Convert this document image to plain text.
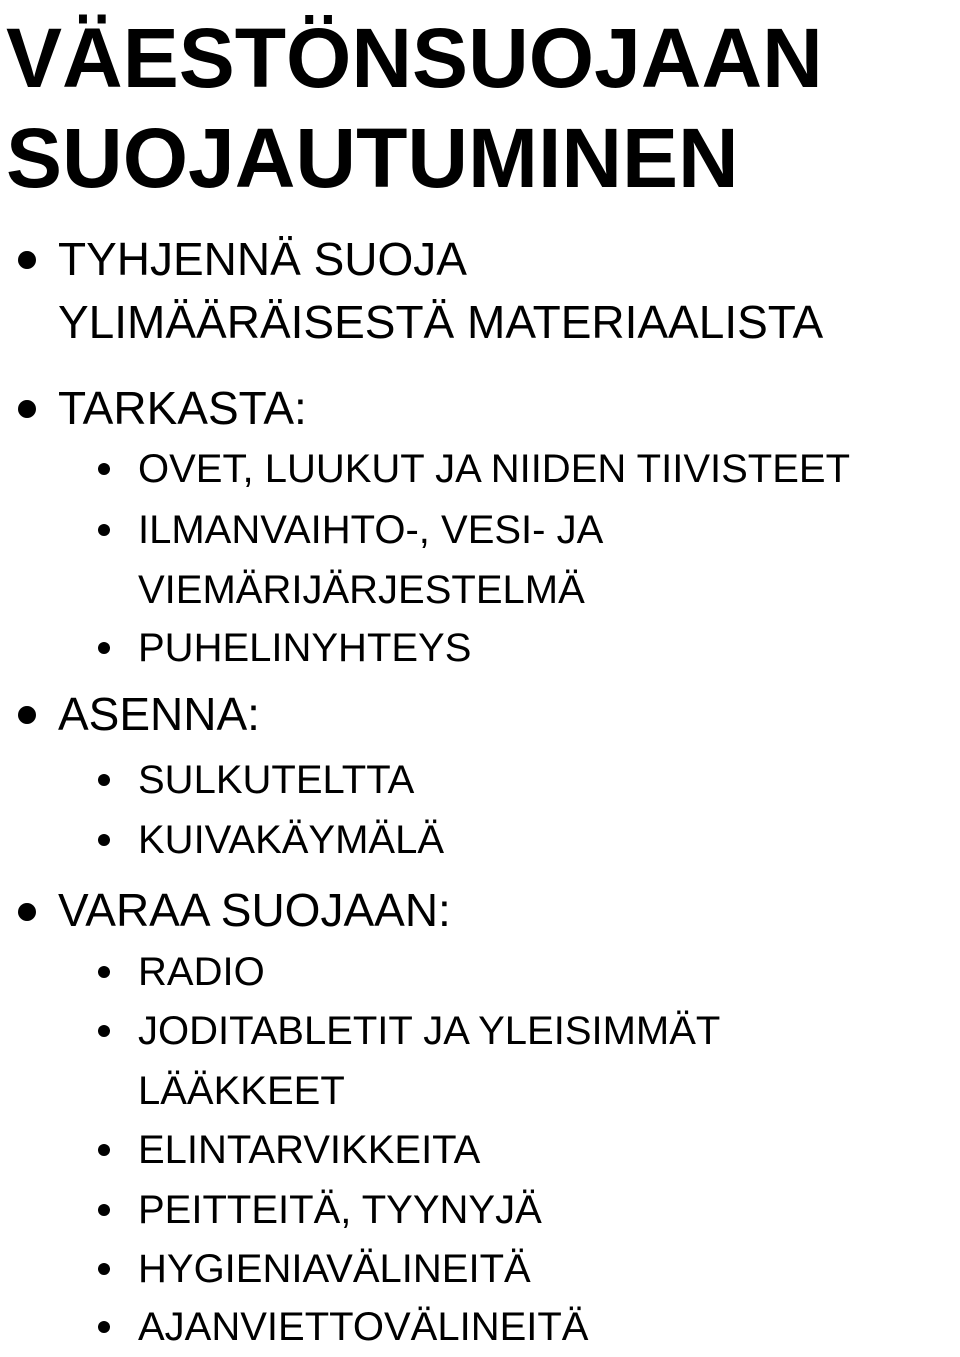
VÄESTÖNSUOJAAN
SUOJAUTUMINEN

TYHJENNÄ SUOJA

YLIMÄÄRÄISESTÄ MATERIAALISTA

TARKASTA:

OVET, LUUKUT JA NIIDEN TIIVISTEET

ILMANVAIHTO-, VESI- JA

VIEMÄRIJÄRJESTELMÄ

PUHELINYHTEYS

ASENNA:

SULKUTELTTA

KUIVAKÄYMÄLÄ

VARAA SUOJAAN:

RADIO

JODITABLETIT JA YLEISIMMÄT

LÄÄKKEET

ELINTARVIKKEITA

PEITTEITÄ, TYYNYJÄ

HYGIENIAVÄLINEITÄ

AJANVIETTOVÄLINEITÄ
